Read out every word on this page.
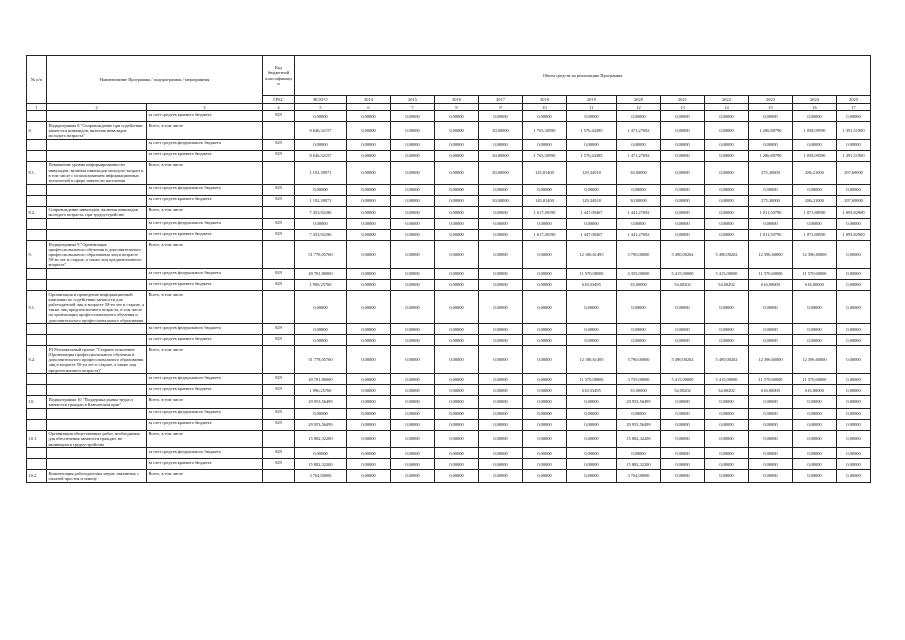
№ п/п	Наименование Программы / подпрограммы / мероприятия		Код бюджетной классификации	Объем средств на реализацию Программы												
			ГРБС	ВСЕГО	2014	2015	2016	2017	2018	2019	2020	2021	2022	2023	2024	2025
1	2	3	4	5	6	7	8	9	10	11	12	13	14	15	16	17
		за счет средств краевого бюджета	829	0,00000	0,00000	0,00000	0,00000	0,00000	0,00000	0,00000	0,00000	0,00000	0,00000	0,00000	0,00000	0,00000
8.	Подпрограмма 8 "Сопровождение при содействии занятости инвалидов, включая инвалидов молодого возраста"	Всего, в том числе		8 646,32157	0,00000	0,00000	0,00000	30,00000	1 763,30590	1 576,44385	1 471,27692	0,00000	0,00000	1 286,80790	1 058,09590	1 391,51900
		за счет средств федерального бюджета	829	0,00000	0,00000	0,00000	0,00000	0,00000	0,00000	0,00000	0,00000	0,00000	0,00000	0,00000	0,00000	0,00000
		за счет средств краевого бюджета	829	8 646,32157	0,00000	0,00000	0,00000	30,00000	1 763,30590	1 576,44385	1 471,27692	0,00000	0,00000	1 286,80790	1 058,09590	1 391,51900
8.1.	Повышение уровня информированности инвалидов, включая инвалидов молодого возраста, в том числе с использованием информационных технологий в сфере занятости населения	Всего, в том числе		1 192,39971	0,00000	0,00000	0,00000	30,00000	145,81400	129,34918	30,00000	0,00000	0,00000	275,30000	286,21000	297,69000
		за счет средств федерального бюджета	829	0,00000	0,00000	0,00000	0,00000	0,00000	0,00000	0,00000	0,00000	0,00000	0,00000	0,00000	0,00000	0,00000
		за счет средств краевого бюджета	829	1 192,39971	0,00000	0,00000	0,00000	30,00000	145,81400	129,34918	30,00000	0,00000	0,00000	275,30000	286,21000	297,69000
8.2.	Сопровождение инвалидов, включая инвалидов молодого возраста, при трудоустройстве	Всего, в том числе		7 453,92186	0,00000	0,00000	0,00000	0,00000	1 617,49190	1 447,09467	1 441,27692	0,00000	0,00000	1 011,50790	1 071,88590	1 093,82900
		за счет средств федерального бюджета	829	0,00000	0,00000	0,00000	0,00000	0,00000	0,00000	0,00000	0,00000	0,00000	0,00000	0,00000	0,00000	0,00000
		за счет средств краевого бюджета	829	7 453,92186	0,00000	0,00000	0,00000	0,00000	1 617,49190	1 447,09467	1 441,27692	0,00000	0,00000	1 011,50790	1 071,88590	1 093,82900
9.	Подпрограмма 9 "Организация профессионального обучения и дополнительного профессионального образования лиц в возрасте 50-ти лет и старше, а также лиц предпенсионного возраста"	Всего, в том числе		51 778,05760	0,00000	0,00000	0,00000	0,00000	0,00000	12 186,61495	3 790,00000	5 490,00202	5 490,00202	12 396,60000	12 396,60000	0,00000
		за счет средств федерального бюджета	829	49 781,80000	0,00000	0,00000	0,00000	0,00000	0,00000	11 570,08000	3 355,00000	5 415,00000	5 415,00000	11 570,60000	11 570,60000	0,00000
		за счет средств краевого бюджета	829	1 996,25760	0,00000	0,00000	0,00000	0,00000	0,00000	616,53495	35,00000	54,00202	54,00202	616,00000	616,00000	0,00000
9.1.	Организация и проведение информационной кампании по содействию занятости для работодателей лиц в возрасте 50-ти лет и старше, а также лиц предпенсионного возраста, в том числе по организации профессионального обучения и дополнительного профессионального образования	Всего, в том числе		0,00000	0,00000	0,00000	0,00000	0,00000	0,00000	0,00000	0,00000	0,00000	0,00000	0,00000	0,00000	0,00000
		за счет средств федерального бюджета	829	0,00000	0,00000	0,00000	0,00000	0,00000	0,00000	0,00000	0,00000	0,00000	0,00000	0,00000	0,00000	0,00000
		за счет средств краевого бюджета	829	0,00000	0,00000	0,00000	0,00000	0,00000	0,00000	0,00000	0,00000	0,00000	0,00000	0,00000	0,00000	0,00000
9.2.	P3 Региональный проект "Старшее поколение (Организация профессионального обучения и дополнительного профессионального образования лиц в возрасте 50-ти лет и старше, а также лиц предпенсионного возраста)"	Всего, в том числе		51 778,05760	0,00000	0,00000	0,00000	0,00000	0,00000	12 186,61495	3 790,00000	5 490,00202	5 490,00202	12 396,60000	12 396,60000	0,00000
		за счет средств федерального бюджета	829	49 781,80000	0,00000	0,00000	0,00000	0,00000	0,00000	11 570,08000	3 755,00000	5 415,00000	5 415,00000	11 570,60000	11 570,60000	0,00000
		за счет средств краевого бюджета	829	1 996,25760	0,00000	0,00000	0,00000	0,00000	0,00000	616,53495	35,00000	54,00202	54,00202	616,00000	616,00000	0,00000
10.	Подпрограмма 10 "Поддержка рынка труда и занятости граждан в Камчатском крае"	Всего, в том числе		29 953,56499	0,00000	0,00000	0,00000	0,00000	0,00000	0,00000	29 953,56499	0,00000	0,00000	0,00000	0,00000	0,00000
		за счет средств федерального бюджета	829	0,00000	0,00000	0,00000	0,00000	0,00000	0,00000	0,00000	0,00000	0,00000	0,00000	0,00000	0,00000	0,00000
		за счет средств краевого бюджета	829	29 953,56499	0,00000	0,00000	0,00000	0,00000	0,00000	0,00000	29 953,56499	0,00000	0,00000	0,00000	0,00000	0,00000
10.1.	Организация общественных работ, необходимых для обеспечения занятости граждан, не являющихся трудоустройства	Всего, в том числе		15 882,32200	0,00000	0,00000	0,00000	0,00000	0,00000	0,00000	15 882,32200	0,00000	0,00000	0,00000	0,00000	0,00000
		за счет средств федерального бюджета	829	0,00000	0,00000	0,00000	0,00000	0,00000	0,00000	0,00000	0,00000	0,00000	0,00000	0,00000	0,00000	0,00000
		за счет средств краевого бюджета	829	15 882,32200	0,00000	0,00000	0,00000	0,00000	0,00000	0,00000	15 882,32200	0,00000	0,00000	0,00000	0,00000	0,00000
10.2.	Компенсация работодателям затрат, связанных с оплатой простоя и замену	Всего, в том числе		3 764,00000	0,00000	0,00000	0,00000	0,00000	0,00000	0,00000	3 764,00000	0,00000	0,00000	0,00000	0,00000	0,00000
